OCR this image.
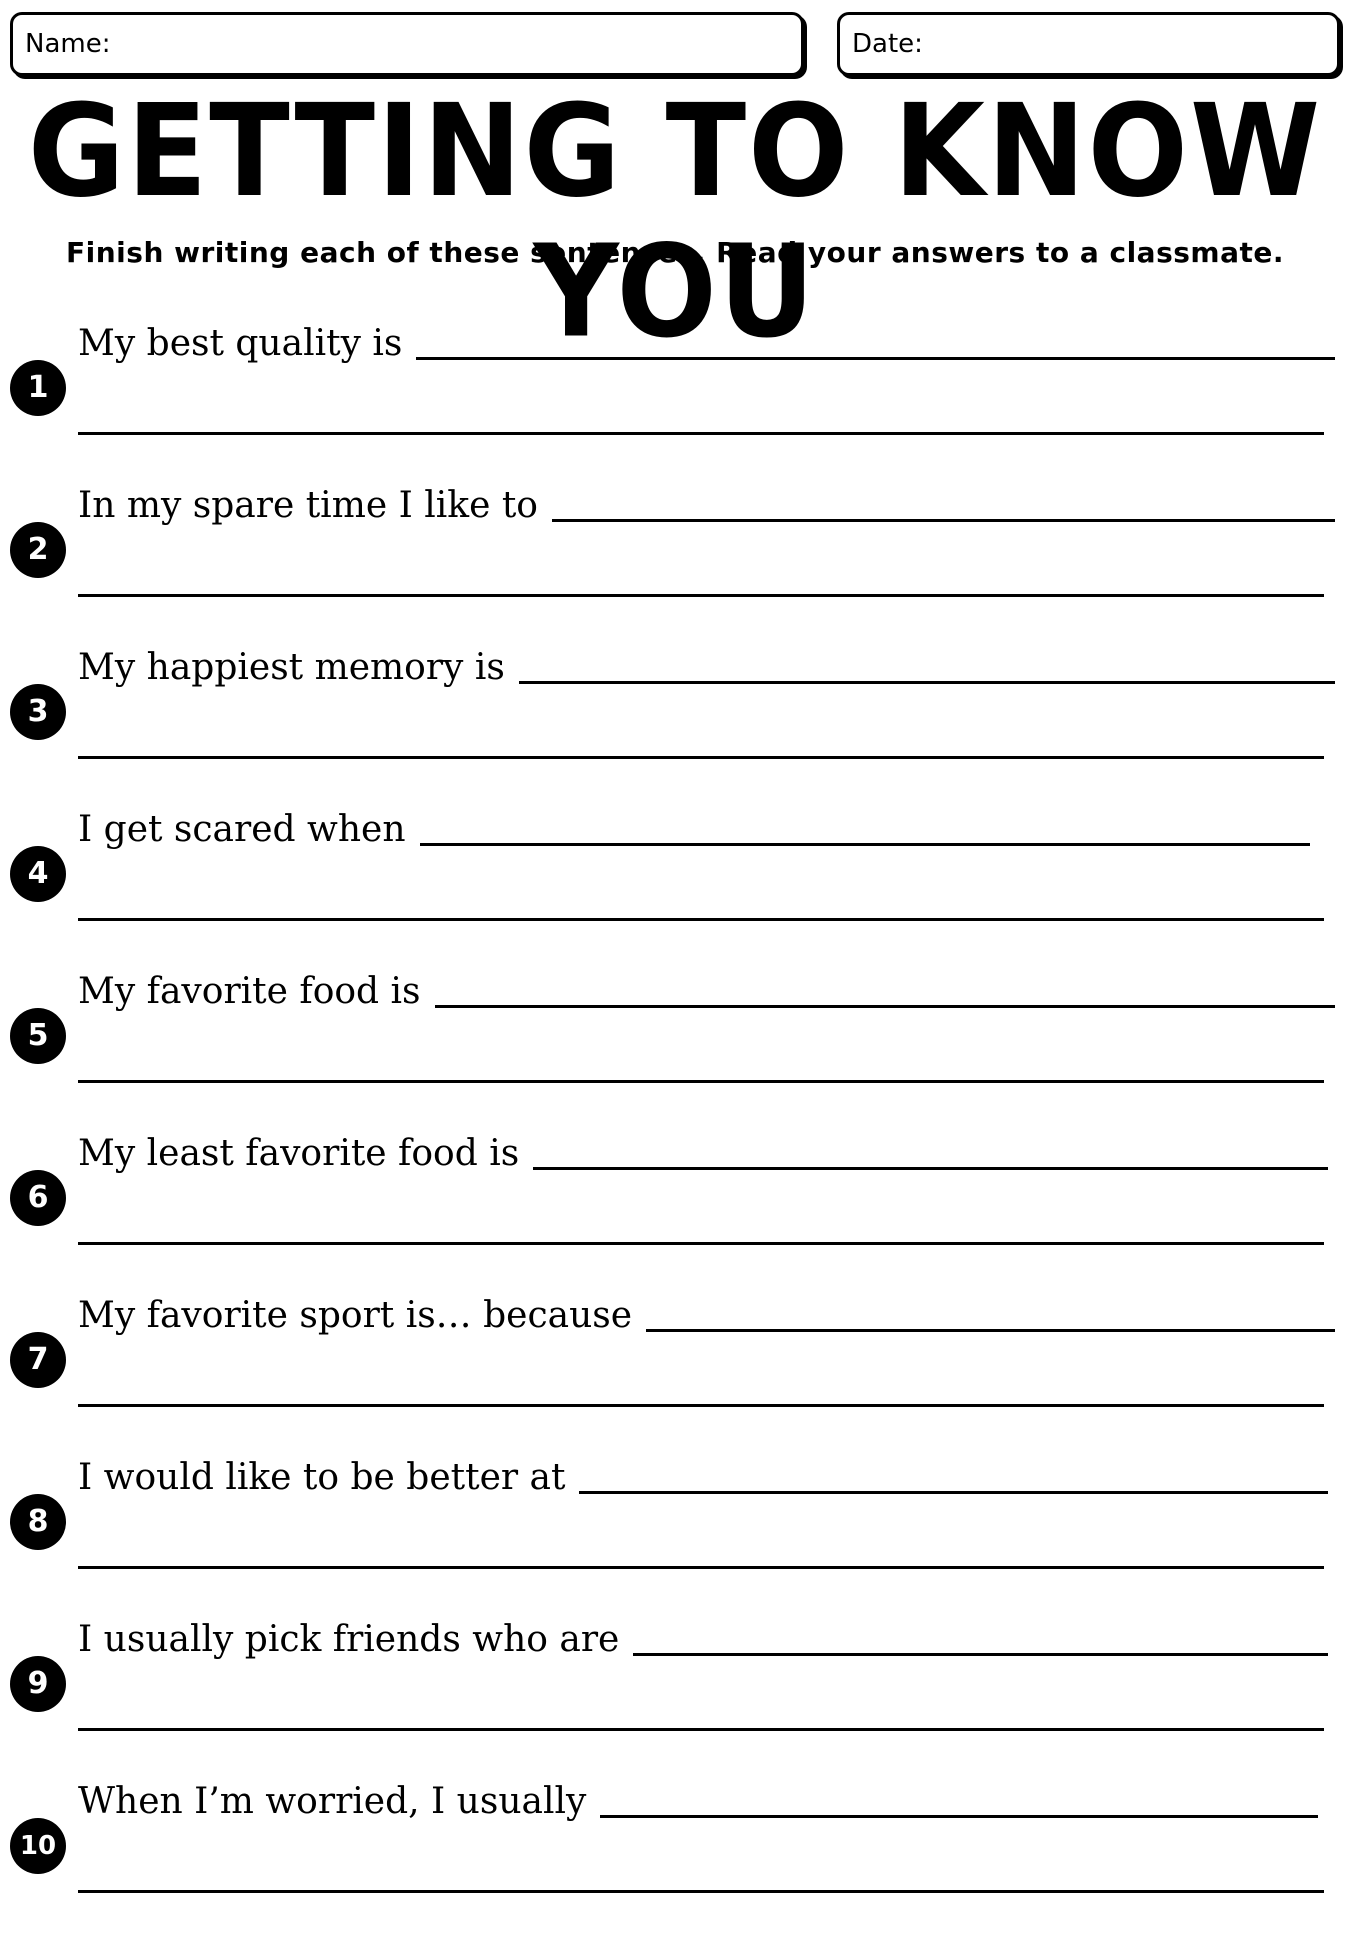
Name:	Date:
GETTING TO KNOW YOU
Finish writing each of these sentences. Read your answers to a classmate.
1
My best quality is
2
In my spare time I like to
3
My happiest memory is
4
I get scared when
5
My favorite food is
6
My least favorite food is
7
My favorite sport is… because
8
I would like to be better at
9
I usually pick friends who are
10
When I’m worried, I usually
